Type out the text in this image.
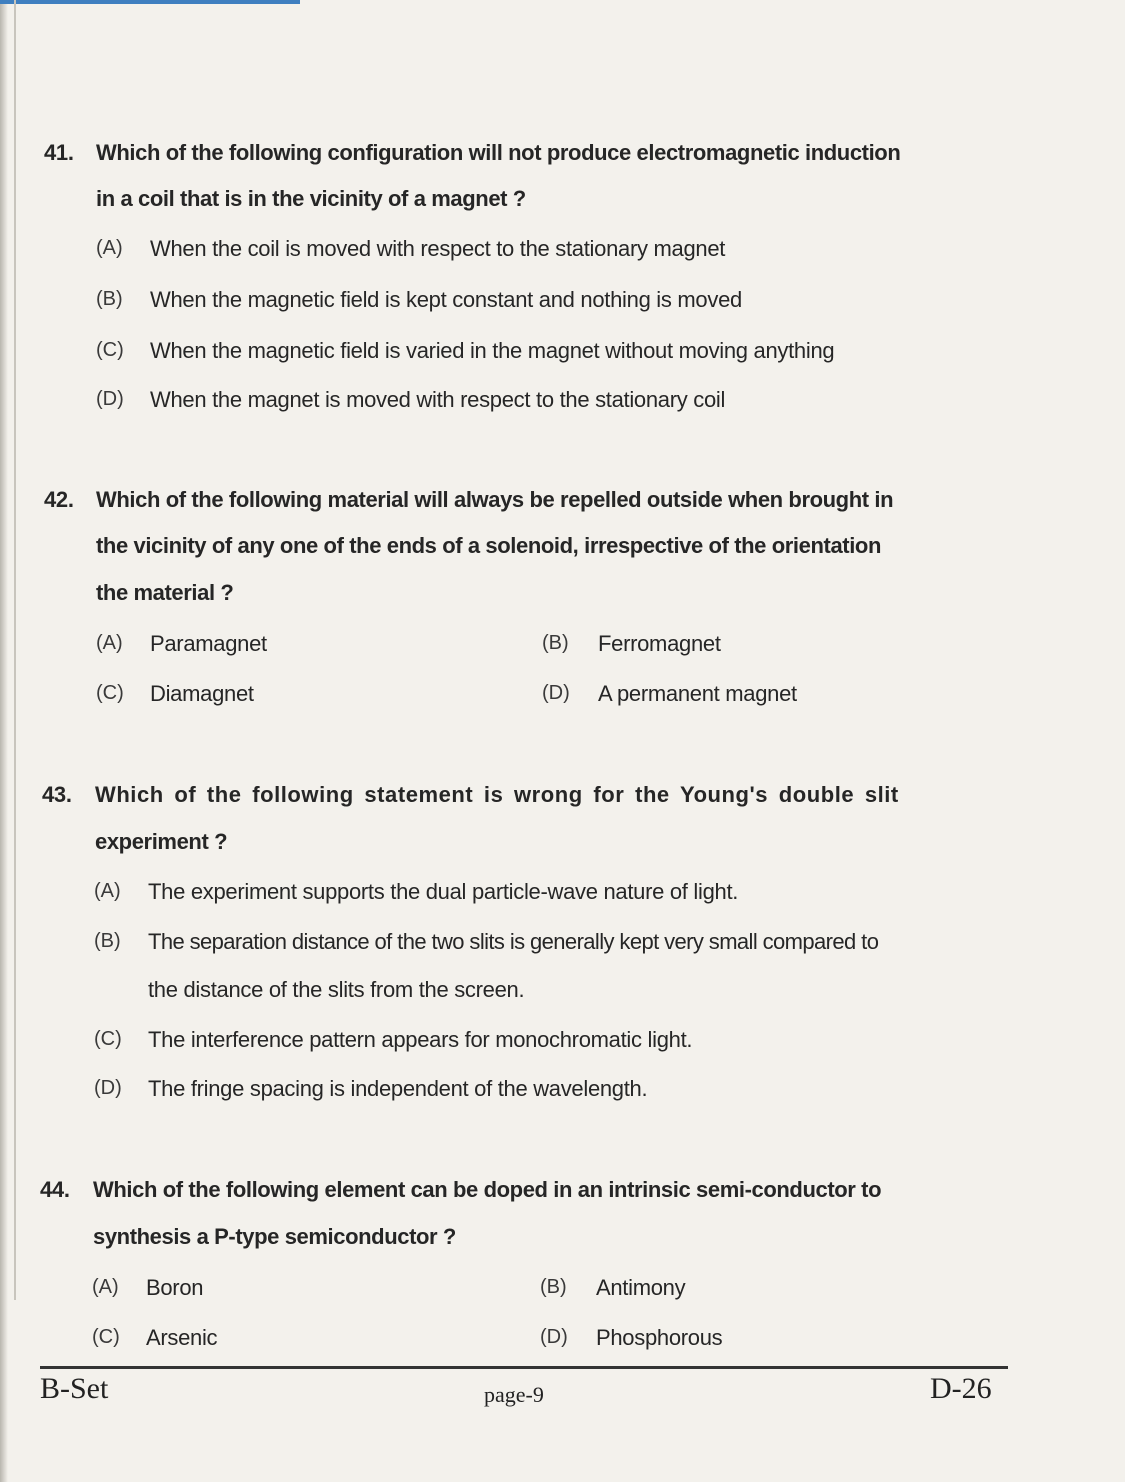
41. Which of the following configuration will not produce electromagnetic induction
in a coil that is in the vicinity of a magnet ?
(A) When the coil is moved with respect to the stationary magnet
(B) When the magnetic field is kept constant and nothing is moved
(C) When the magnetic field is varied in the magnet without moving anything
(D) When the magnet is moved with respect to the stationary coil
42. Which of the following material will always be repelled outside when brought in
the vicinity of any one of the ends of a solenoid, irrespective of the orientation
the material ?
(A) Paramagnet	(B) Ferromagnet
(C) Diamagnet	(D) A permanent magnet
43. Which of the following statement is wrong for the Young's double slit
experiment ?
(A) The experiment supports the dual particle-wave nature of light.
(B) The separation distance of the two slits is generally kept very small compared to
the distance of the slits from the screen.
(C) The interference pattern appears for monochromatic light.
(D) The fringe spacing is independent of the wavelength.
44. Which of the following element can be doped in an intrinsic semi-conductor to
synthesis a P-type semiconductor ?
(A) Boron	(B) Antimony
(C) Arsenic	(D) Phosphorous
B-Set	page-9	D-26
